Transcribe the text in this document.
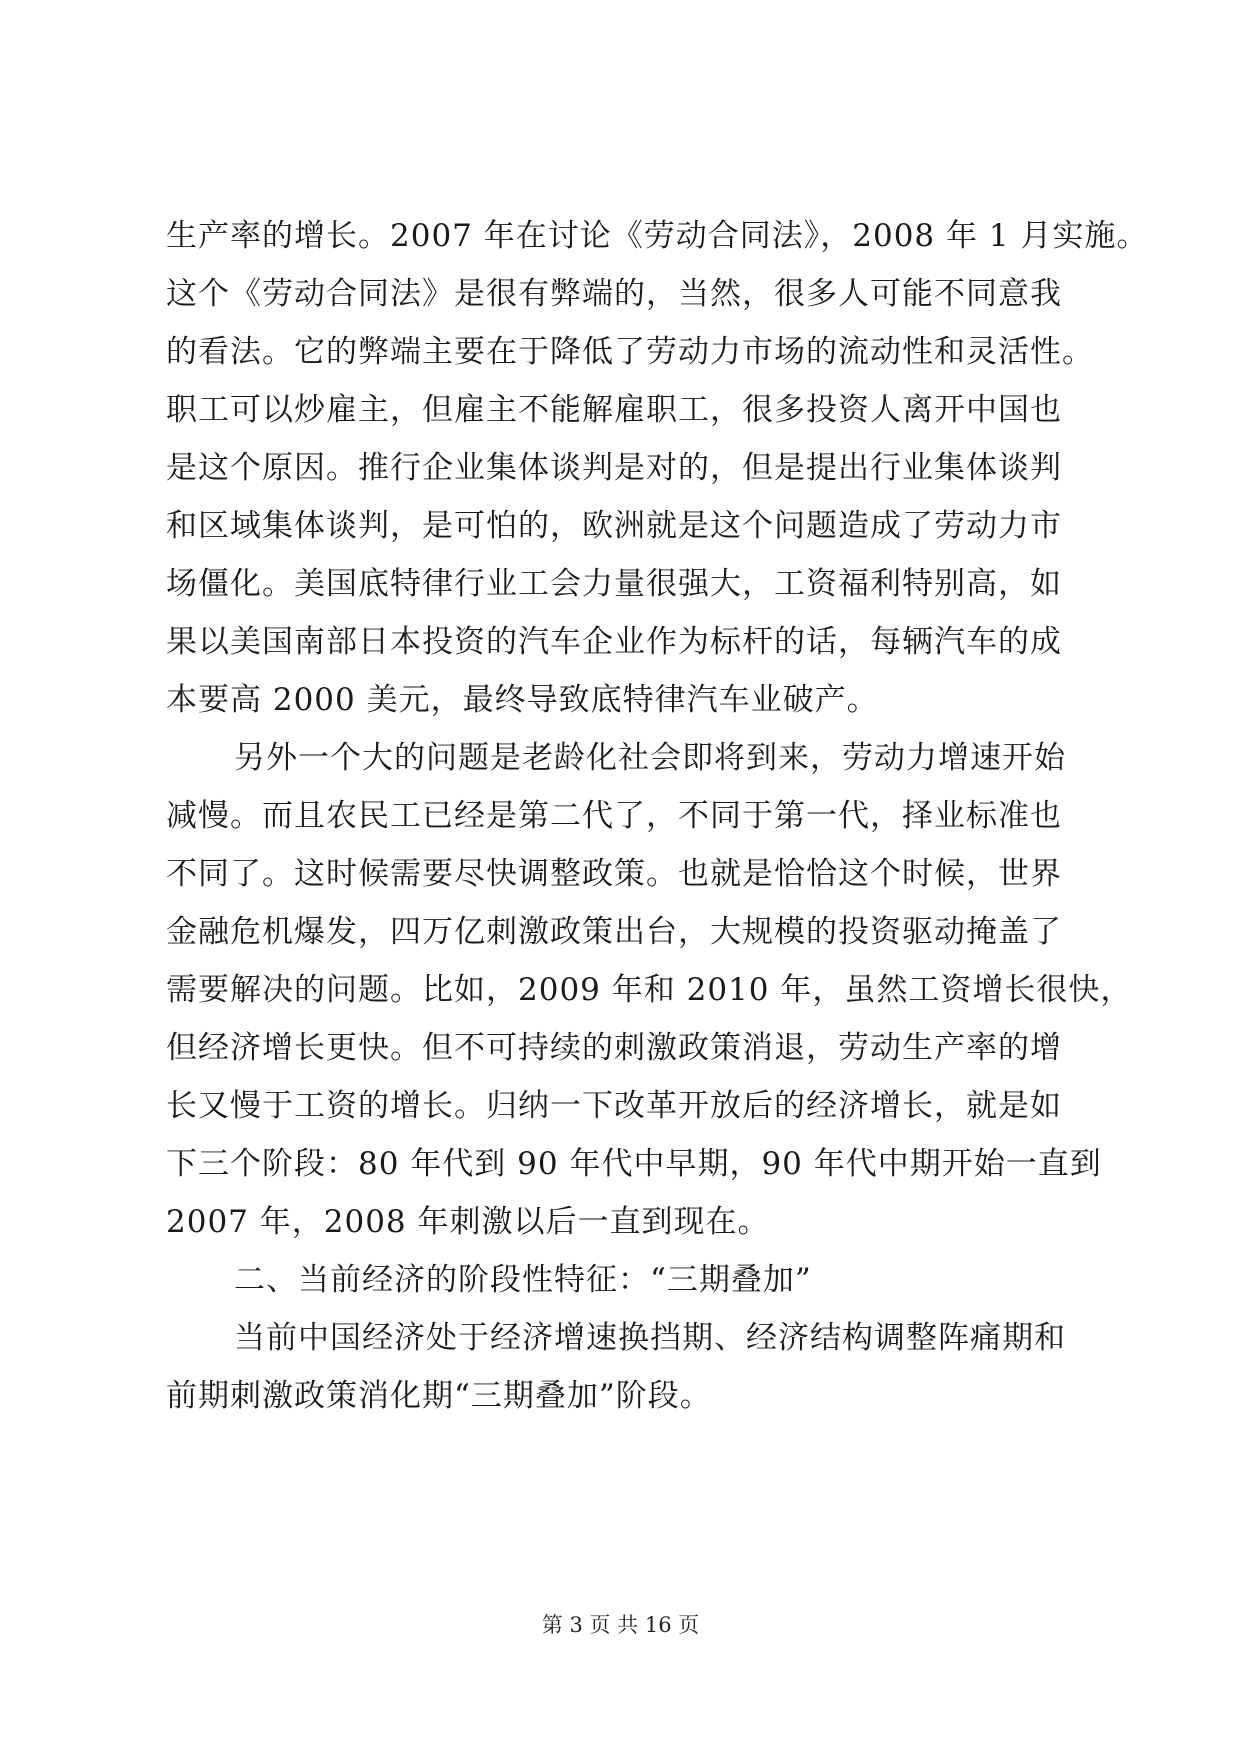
生产率的增长。2007 年在讨论《劳动合同法》，2008 年 1 月实施。
这个《劳动合同法》是很有弊端的，当然，很多人可能不同意我
的看法。它的弊端主要在于降低了劳动力市场的流动性和灵活性。
职工可以炒雇主，但雇主不能解雇职工，很多投资人离开中国也
是这个原因。推行企业集体谈判是对的，但是提出行业集体谈判
和区域集体谈判，是可怕的，欧洲就是这个问题造成了劳动力市
场僵化。美国底特律行业工会力量很强大，工资福利特别高，如
果以美国南部日本投资的汽车企业作为标杆的话，每辆汽车的成
本要高 2000 美元，最终导致底特律汽车业破产。
另外一个大的问题是老龄化社会即将到来，劳动力增速开始
减慢。而且农民工已经是第二代了，不同于第一代，择业标准也
不同了。这时候需要尽快调整政策。也就是恰恰这个时候，世界
金融危机爆发，四万亿刺激政策出台，大规模的投资驱动掩盖了
需要解决的问题。比如，2009 年和 2010 年，虽然工资增长很快，
但经济增长更快。但不可持续的刺激政策消退，劳动生产率的增
长又慢于工资的增长。归纳一下改革开放后的经济增长，就是如
下三个阶段：80 年代到 90 年代中早期，90 年代中期开始一直到
2007 年，2008 年刺激以后一直到现在。
二、当前经济的阶段性特征：“三期叠加”
当前中国经济处于经济增速换挡期、经济结构调整阵痛期和
前期刺激政策消化期“三期叠加”阶段。
第 3 页 共 16 页
